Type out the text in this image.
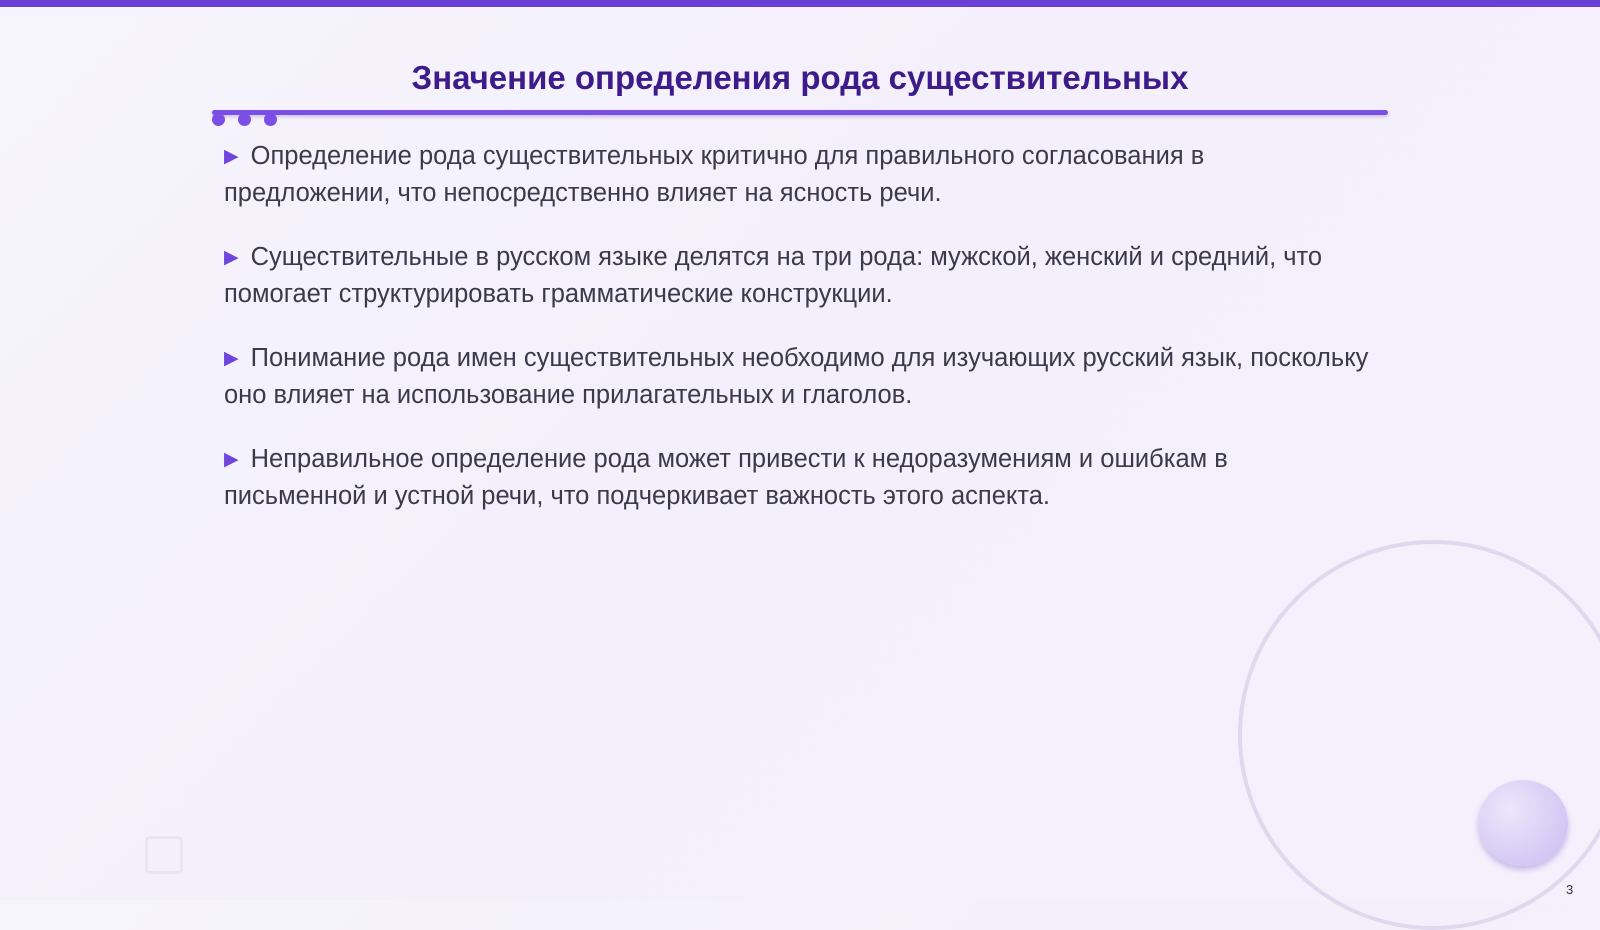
Значение определения рода существительных
▶ Определение рода существительных критично для правильного согласования в предложении, что непосредственно влияет на ясность речи.
▶ Существительные в русском языке делятся на три рода: мужской, женский и средний, что помогает структурировать грамматические конструкции.
▶ Понимание рода имен существительных необходимо для изучающих русский язык, поскольку оно влияет на использование прилагательных и глаголов.
▶ Неправильное определение рода может привести к недоразумениям и ошибкам в письменной и устной речи, что подчеркивает важность этого аспекта.
3
